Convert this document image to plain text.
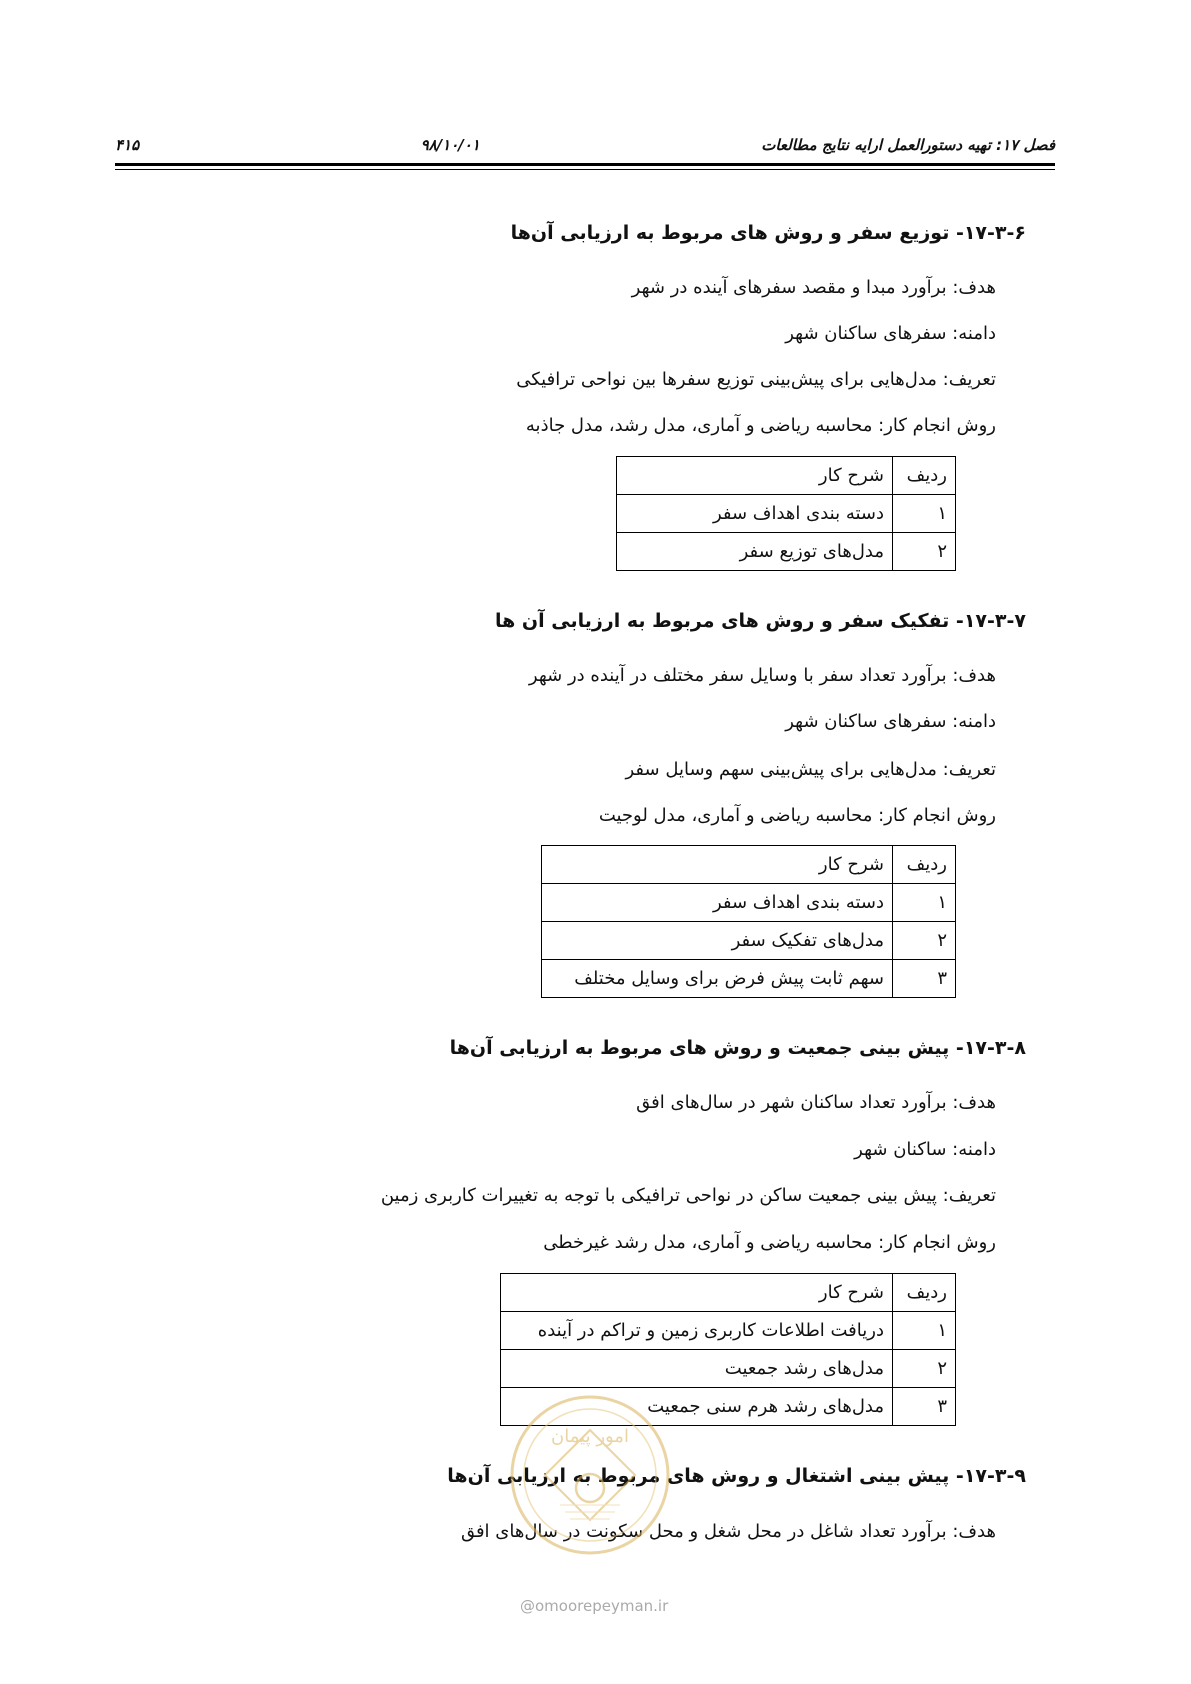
فصل ۱۷: تهیه دستورالعمل ارایه نتایج مطالعات
۹۸/۱۰/۰۱
۴۱۵
۱۷-۳-۶- توزیع سفر و روش های مربوط به ارزیابی آن‌ها
هدف: برآورد مبدا و مقصد سفرهای آینده در شهر
دامنه: سفرهای ساکنان شهر
تعریف: مدل‌هایی برای پیش‌بینی توزیع سفرها بین نواحی ترافیکی
روش انجام کار: محاسبه ریاضی و آماری، مدل رشد، مدل جاذبه
ردیف	شرح کار
۱	دسته بندی اهداف سفر
۲	مدل‌های توزیع سفر
۱۷-۳-۷- تفکیک سفر و روش های مربوط به ارزیابی آن ها
هدف: برآورد تعداد سفر با وسایل سفر مختلف در آینده در شهر
دامنه: سفرهای ساکنان شهر
تعریف: مدل‌هایی برای پیش‌بینی سهم وسایل سفر
روش انجام کار: محاسبه ریاضی و آماری، مدل لوجیت
ردیف	شرح کار
۱	دسته بندی اهداف سفر
۲	مدل‌های تفکیک سفر
۳	سهم ثابت پیش فرض برای وسایل مختلف
۱۷-۳-۸- پیش بینی جمعیت و روش های مربوط به ارزیابی آن‌ها
هدف: برآورد تعداد ساکنان شهر در سال‌های افق
دامنه: ساکنان شهر
تعریف: پیش بینی جمعیت ساکن در نواحی ترافیکی با توجه به تغییرات کاربری زمین
روش انجام کار: محاسبه ریاضی و آماری، مدل رشد غیرخطی
ردیف	شرح کار
۱	دریافت اطلاعات کاربری زمین و تراکم در آینده
۲	مدل‌های رشد جمعیت
۳	مدل‌های رشد هرم سنی جمعیت
۱۷-۳-۹- پیش بینی اشتغال و روش های مربوط به ارزیابی آن‌ها
هدف: برآورد تعداد شاغل در محل شغل و محل سکونت در سال‌های افق
امور پیمان
@omoorepeyman.ir
